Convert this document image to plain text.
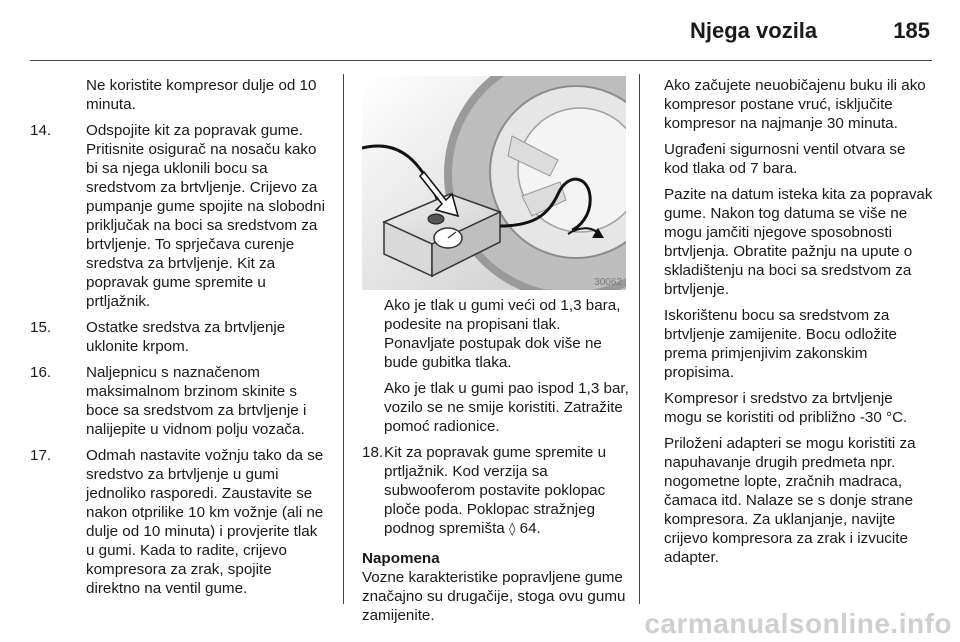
Njega vozila	185
Ne koristite kompresor dulje od 10 minuta.
14.	Odspojite kit za popravak gume. Pritisnite osigurač na nosaču kako bi sa njega uklonili bocu sa sredstvom za brtvljenje. Crijevo za pumpanje gume spojite na slobodni priključak na boci sa sredstvom za brtvljenje. To sprječava curenje sredstva za brtvljenje. Kit za popravak gume spremite u prtljažnik.
15.	Ostatke sredstva za brtvljenje uklonite krpom.
16.	Naljepnicu s naznačenom maksimalnom brzinom skinite s boce sa sredstvom za brtvljenje i nalijepite u vidnom polju vozača.
17.	Odmah nastavite vožnju tako da se sredstvo za brtvljenje u gumi jednoliko rasporedi. Zaustavite se nakon otprilike 10 km vožnje (ali ne dulje od 10 minuta) i provjerite tlak u gumi. Kada to radite, crijevo kompresora za zrak, spojite direktno na ventil gume.
30062
Ako je tlak u gumi veći od 1,3 bara, podesite na propisani tlak. Ponavljate postupak dok više ne bude gubitka tlaka.
Ako je tlak u gumi pao ispod 1,3 bar, vozilo se ne smije koristiti. Zatražite pomoć radionice.
18. Kit za popravak gume spremite u prtljažnik. Kod verzija sa subwooferom postavite poklopac ploče poda. Poklopac stražnjeg podnog spremišta ◊ 64.
Napomena
Vozne karakteristike popravljene gume značajno su drugačije, stoga ovu gumu zamijenite.

Ako začujete neuobičajenu buku ili ako kompresor postane vruć, isključite kompresor na najmanje 30 minuta.

Ugrađeni sigurnosni ventil otvara se kod tlaka od 7 bara.

Pazite na datum isteka kita za popravak gume. Nakon tog datuma se više ne mogu jamčiti njegove sposobnosti brtvljenja. Obratite pažnju na upute o skladištenju na boci sa sredstvom za brtvljenje.

Iskorištenu bocu sa sredstvom za brtvljenje zamijenite. Bocu odložite prema primjenjivim zakonskim propisima.

Kompresor i sredstvo za brtvljenje mogu se koristiti od približno -30 °C.

Priloženi adapteri se mogu koristiti za napuhavanje drugih predmeta npr. nogometne lopte, zračnih madraca, čamaca itd. Nalaze se s donje strane kompresora. Za uklanjanje, navijte crijevo kompresora za zrak i izvucite adapter.

carmanualsonline.info
